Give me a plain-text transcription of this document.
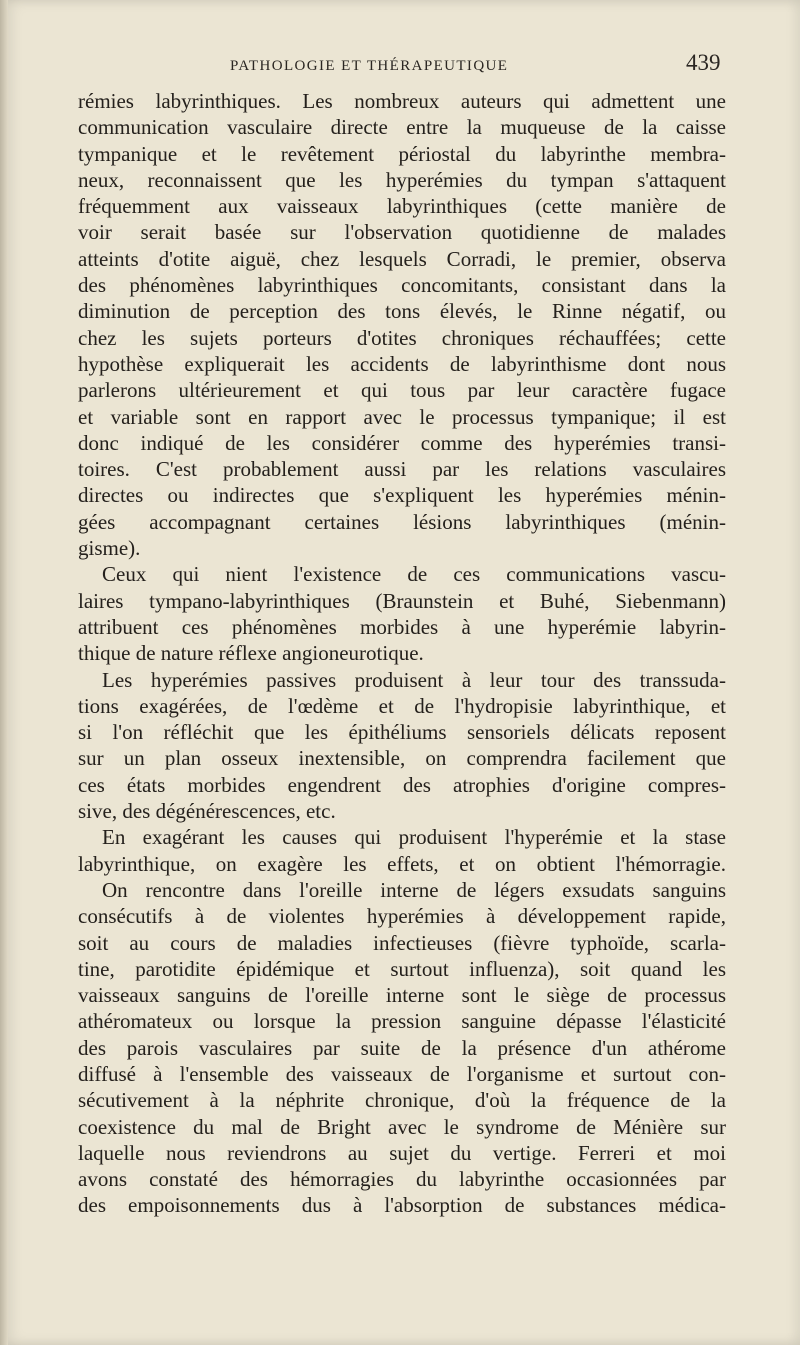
PATHOLOGIE ET THÉRAPEUTIQUE	439
rémies labyrinthiques. Les nombreux auteurs qui admettent une
communication vasculaire directe entre la muqueuse de la caisse
tympanique et le revêtement périostal du labyrinthe membra-
neux, reconnaissent que les hyperémies du tympan s'attaquent
fréquemment aux vaisseaux labyrinthiques (cette manière de
voir serait basée sur l'observation quotidienne de malades
atteints d'otite aiguë, chez lesquels Corradi, le premier, observa
des phénomènes labyrinthiques concomitants, consistant dans la
diminution de perception des tons élevés, le Rinne négatif, ou
chez les sujets porteurs d'otites chroniques réchauffées; cette
hypothèse expliquerait les accidents de labyrinthisme dont nous
parlerons ultérieurement et qui tous par leur caractère fugace
et variable sont en rapport avec le processus tympanique; il est
donc indiqué de les considérer comme des hyperémies transi-
toires. C'est probablement aussi par les relations vasculaires
directes ou indirectes que s'expliquent les hyperémies ménin-
gées accompagnant certaines lésions labyrinthiques (ménin-
gisme).
Ceux qui nient l'existence de ces communications vascu-
laires tympano-labyrinthiques (Braunstein et Buhé, Siebenmann)
attribuent ces phénomènes morbides à une hyperémie labyrin-
thique de nature réflexe angioneurotique.
Les hyperémies passives produisent à leur tour des transsuda-
tions exagérées, de l'œdème et de l'hydropisie labyrinthique, et
si l'on réfléchit que les épithéliums sensoriels délicats reposent
sur un plan osseux inextensible, on comprendra facilement que
ces états morbides engendrent des atrophies d'origine compres-
sive, des dégénérescences, etc.
En exagérant les causes qui produisent l'hyperémie et la stase
labyrinthique, on exagère les effets, et on obtient l'hémorragie.
On rencontre dans l'oreille interne de légers exsudats sanguins
consécutifs à de violentes hyperémies à développement rapide,
soit au cours de maladies infectieuses (fièvre typhoïde, scarla-
tine, parotidite épidémique et surtout influenza), soit quand les
vaisseaux sanguins de l'oreille interne sont le siège de processus
athéromateux ou lorsque la pression sanguine dépasse l'élasticité
des parois vasculaires par suite de la présence d'un athérome
diffusé à l'ensemble des vaisseaux de l'organisme et surtout con-
sécutivement à la néphrite chronique, d'où la fréquence de la
coexistence du mal de Bright avec le syndrome de Ménière sur
laquelle nous reviendrons au sujet du vertige. Ferreri et moi
avons constaté des hémorragies du labyrinthe occasionnées par
des empoisonnements dus à l'absorption de substances médica-
